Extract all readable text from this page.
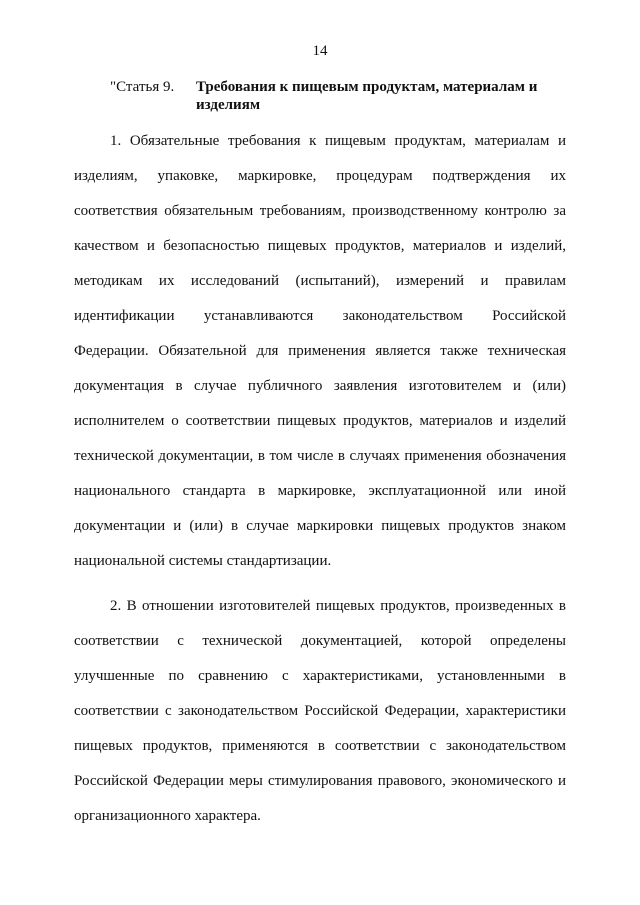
14
"Статья 9. Требования к пищевым продуктам, материалам и изделиям

1. Обязательные требования к пищевым продуктам, материалам и изделиям, упаковке, маркировке, процедурам подтверждения их соответствия обязательным требованиям, производственному контролю за качеством и безопасностью пищевых продуктов, материалов и изделий, методикам их исследований (испытаний), измерений и правилам идентификации устанавливаются законодательством Российской Федерации. Обязательной для применения является также техническая документация в случае публичного заявления изготовителем и (или) исполнителем о соответствии пищевых продуктов, материалов и изделий технической документации, в том числе в случаях применения обозначения национального стандарта в маркировке, эксплуатационной или иной документации и (или) в случае маркировки пищевых продуктов знаком национальной системы стандартизации.

2. В отношении изготовителей пищевых продуктов, произведенных в соответствии с технической документацией, которой определены улучшенные по сравнению с характеристиками, установленными в соответствии с законодательством Российской Федерации, характеристики пищевых продуктов, применяются в соответствии с законодательством Российской Федерации меры стимулирования правового, экономического и организационного характера.
